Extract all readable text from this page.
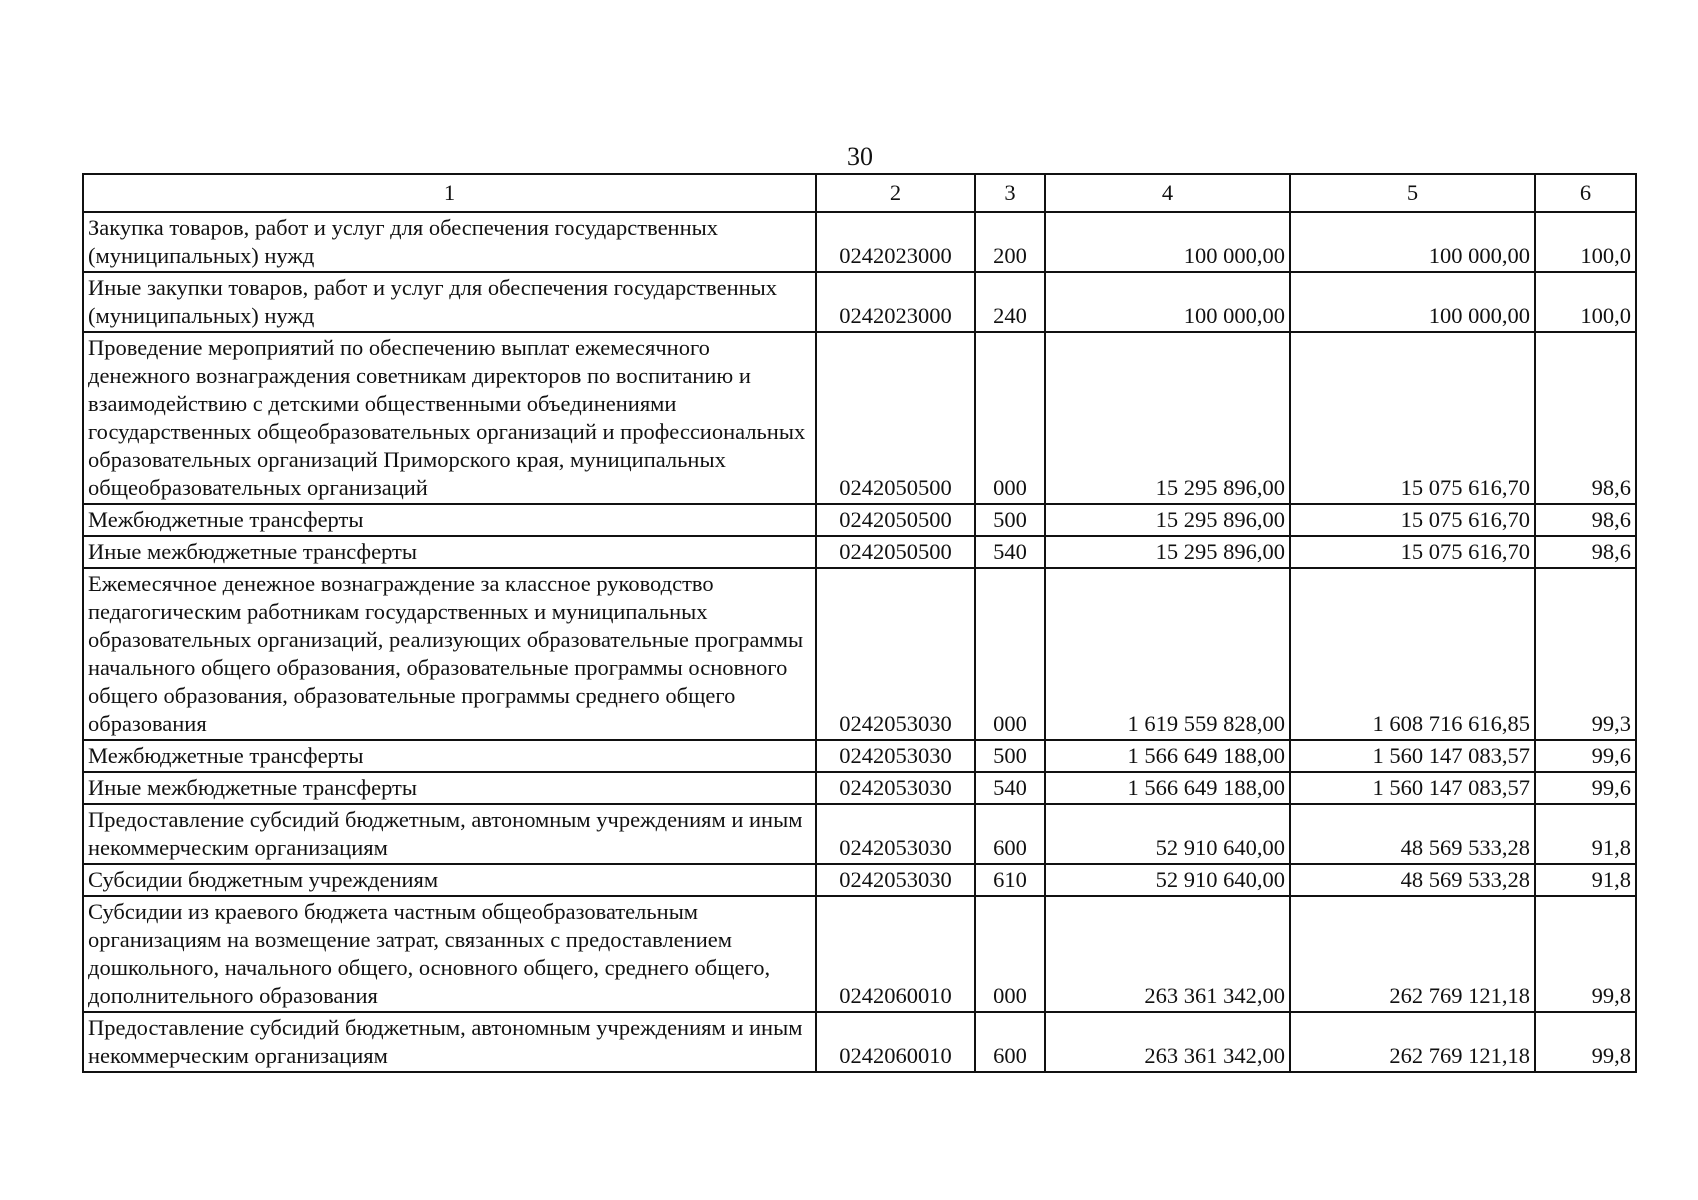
30
1	2	3	4	5	6
Закупка товаров, работ и услуг для обеспечения государственных (муниципальных) нужд	0242023000	200	100 000,00	100 000,00	100,0
Иные закупки товаров, работ и услуг для обеспечения государственных (муниципальных) нужд	0242023000	240	100 000,00	100 000,00	100,0
Проведение мероприятий по обеспечению выплат ежемесячного денежного вознаграждения советникам директоров по воспитанию и взаимодействию с детскими общественными объединениями государственных общеобразовательных организаций и профессиональных образовательных организаций Приморского края, муниципальных общеобразовательных организаций	0242050500	000	15 295 896,00	15 075 616,70	98,6
Межбюджетные трансферты	0242050500	500	15 295 896,00	15 075 616,70	98,6
Иные межбюджетные трансферты	0242050500	540	15 295 896,00	15 075 616,70	98,6
Ежемесячное денежное вознаграждение за классное руководство педагогическим работникам государственных и муниципальных образовательных организаций, реализующих образовательные программы начального общего образования, образовательные программы основного общего образования, образовательные программы среднего общего образования	0242053030	000	1 619 559 828,00	1 608 716 616,85	99,3
Межбюджетные трансферты	0242053030	500	1 566 649 188,00	1 560 147 083,57	99,6
Иные межбюджетные трансферты	0242053030	540	1 566 649 188,00	1 560 147 083,57	99,6
Предоставление субсидий бюджетным, автономным учреждениям и иным некоммерческим организациям	0242053030	600	52 910 640,00	48 569 533,28	91,8
Субсидии бюджетным учреждениям	0242053030	610	52 910 640,00	48 569 533,28	91,8
Субсидии из краевого бюджета частным общеобразовательным организациям на возмещение затрат, связанных с предоставлением дошкольного, начального общего, основного общего, среднего общего, дополнительного образования	0242060010	000	263 361 342,00	262 769 121,18	99,8
Предоставление субсидий бюджетным, автономным учреждениям и иным некоммерческим организациям	0242060010	600	263 361 342,00	262 769 121,18	99,8
